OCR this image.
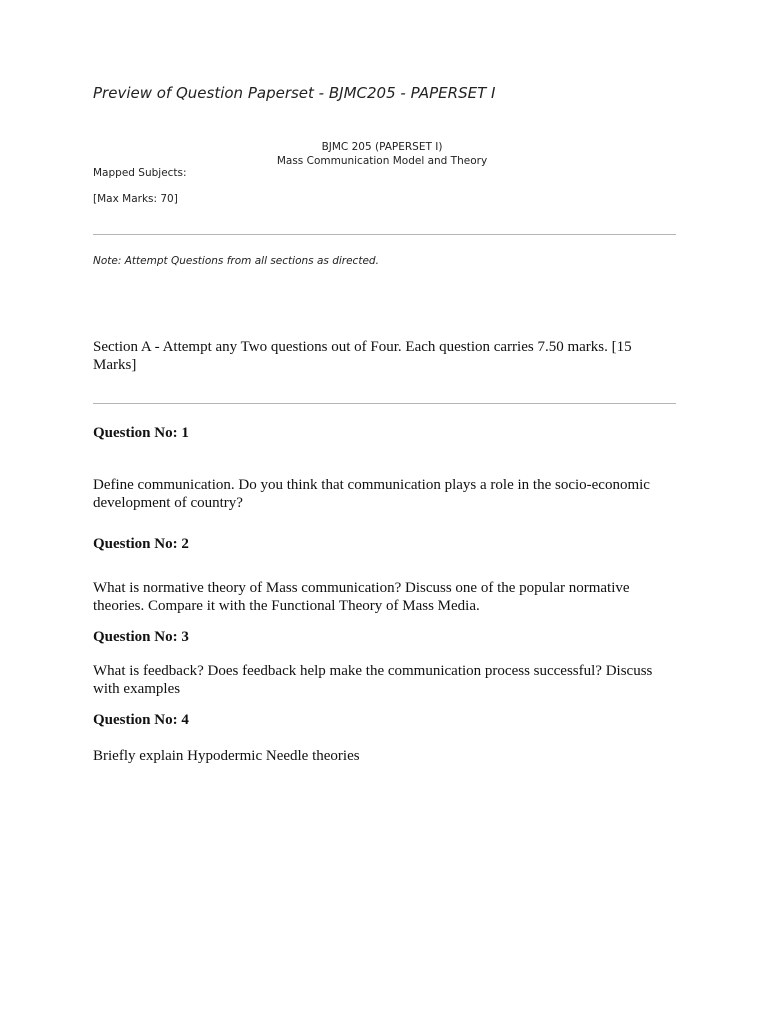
Preview of Question Paperset - BJMC205 - PAPERSET I
BJMC 205 (PAPERSET I)
Mass Communication Model and Theory
Mapped Subjects:
[Max Marks: 70]
Note: Attempt Questions from all sections as directed.
Section A - Attempt any Two questions out of Four. Each question carries 7.50 marks. [15 Marks]
Question No: 1
Define communication. Do you think that communication plays a role in the socio-economic development of country?
Question No: 2
What is normative theory of Mass communication? Discuss one of the popular normative theories. Compare it with the Functional Theory of Mass Media.
Question No: 3
What is feedback? Does feedback help make the communication process successful? Discuss with examples
Question No: 4
Briefly explain Hypodermic Needle theories
